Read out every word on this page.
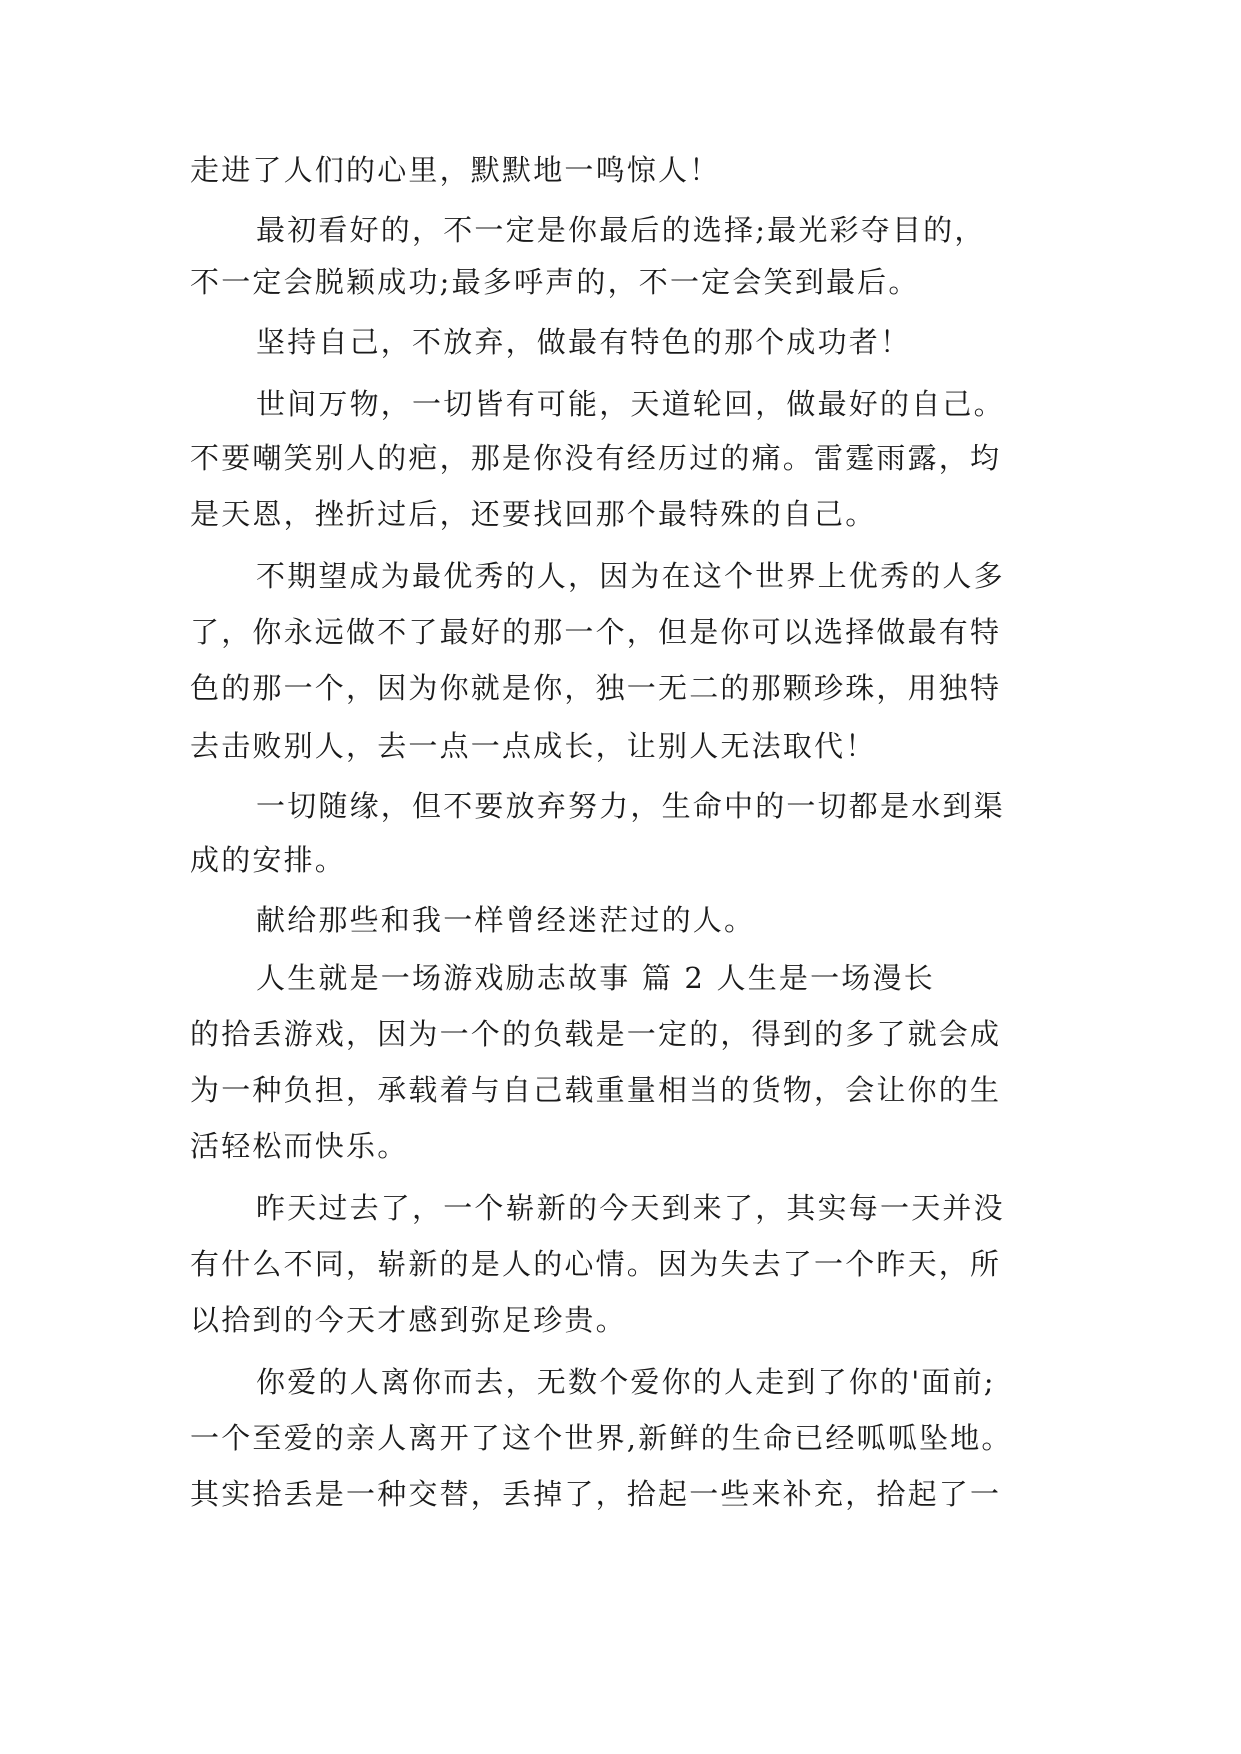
走进了人们的心里，默默地一鸣惊人！
最初看好的，不一定是你最后的选择;最光彩夺目的，
不一定会脱颖成功;最多呼声的，不一定会笑到最后。
坚持自己，不放弃，做最有特色的那个成功者！
世间万物，一切皆有可能，天道轮回，做最好的自己。
不要嘲笑别人的疤，那是你没有经历过的痛。雷霆雨露，均
是天恩，挫折过后，还要找回那个最特殊的自己。
不期望成为最优秀的人，因为在这个世界上优秀的人多
了，你永远做不了最好的那一个，但是你可以选择做最有特
色的那一个，因为你就是你，独一无二的那颗珍珠，用独特
去击败别人，去一点一点成长，让别人无法取代！
一切随缘，但不要放弃努力，生命中的一切都是水到渠
成的安排。
献给那些和我一样曾经迷茫过的人。
人生就是一场游戏励志故事 篇 2 人生是一场漫长
的拾丢游戏，因为一个的负载是一定的，得到的多了就会成
为一种负担，承载着与自己载重量相当的货物，会让你的生
活轻松而快乐。
昨天过去了，一个崭新的今天到来了，其实每一天并没
有什么不同，崭新的是人的心情。因为失去了一个昨天，所
以拾到的今天才感到弥足珍贵。
你爱的人离你而去，无数个爱你的人走到了你的'面前;
一个至爱的亲人离开了这个世界,新鲜的生命已经呱呱坠地。
其实拾丢是一种交替，丢掉了，拾起一些来补充，拾起了一
